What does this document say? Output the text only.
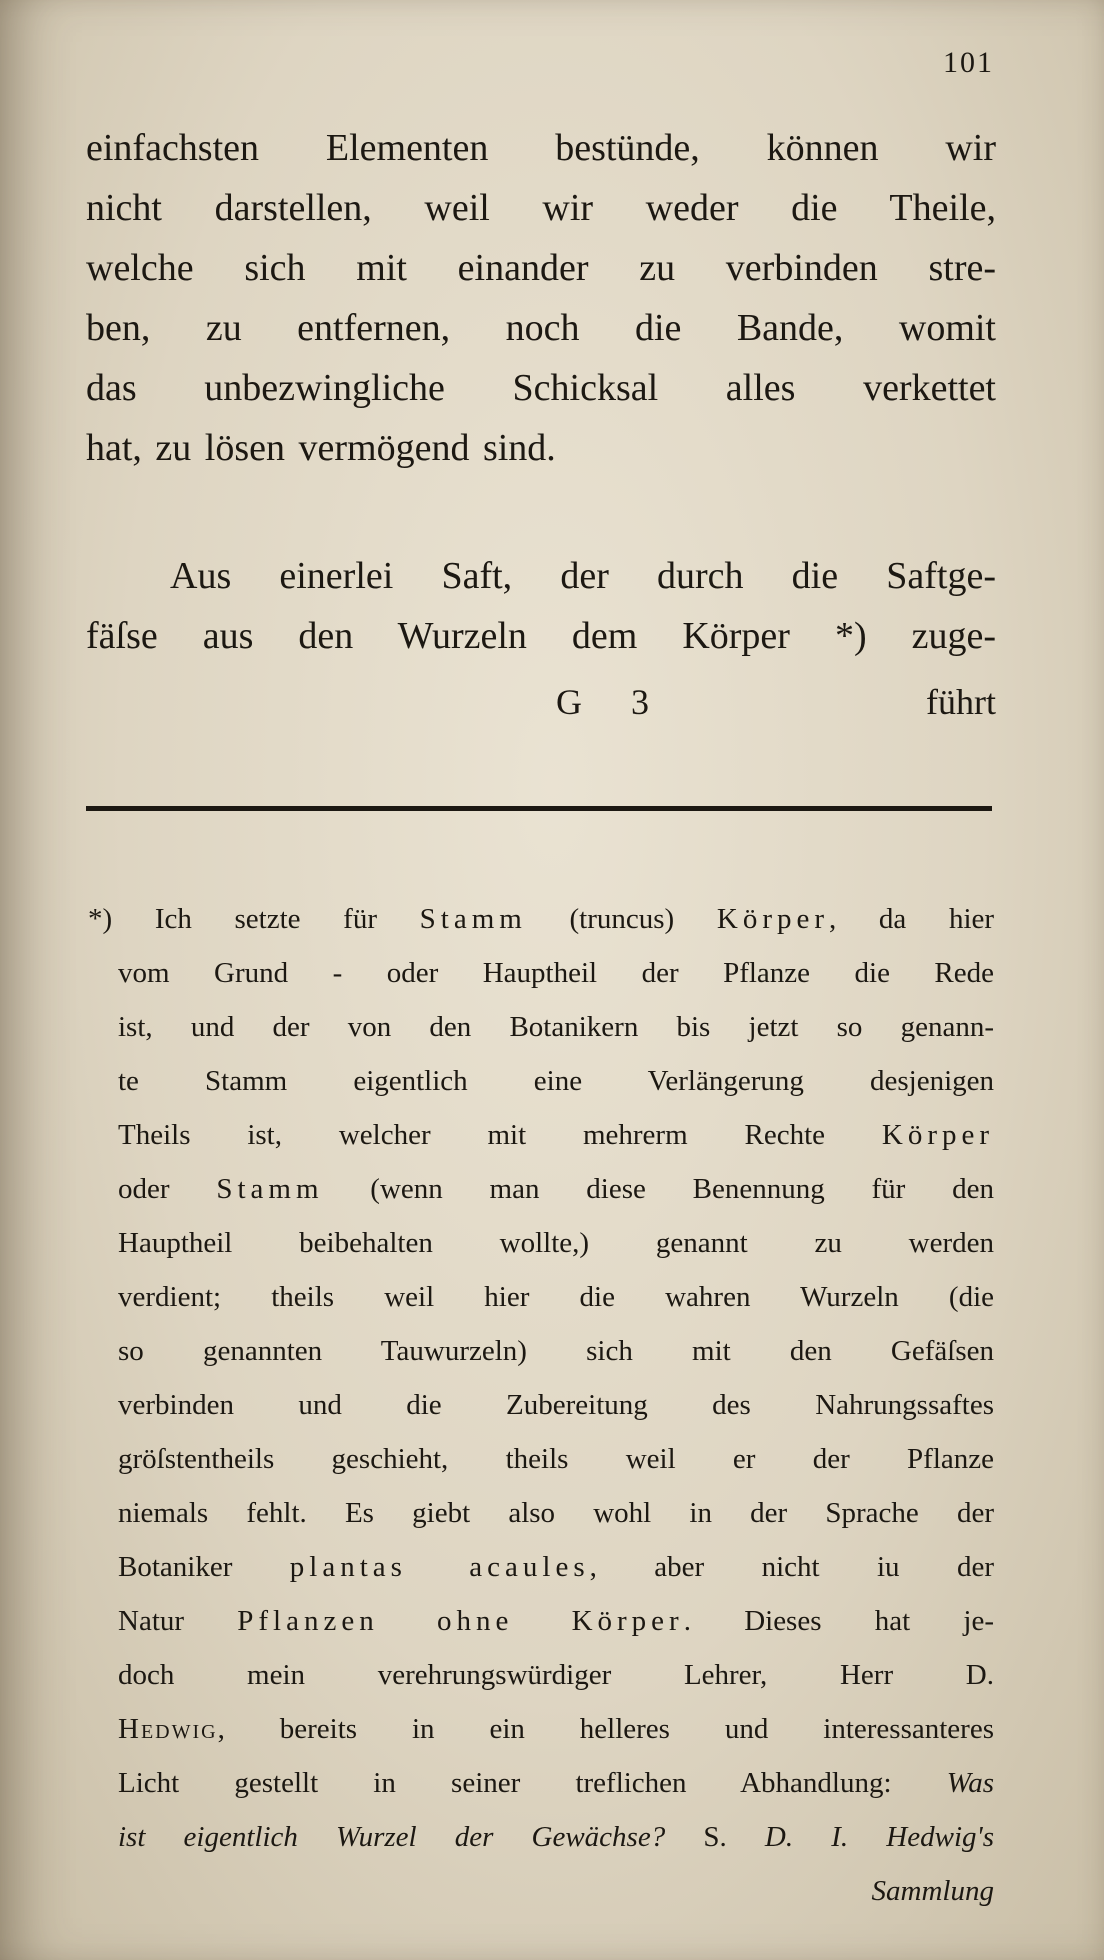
101
einfachsten Elementen bestünde, können wir
nicht darstellen, weil wir weder die Theile,
welche sich mit einander zu verbinden stre-
ben, zu entfernen, noch die Bande, womit
das unbezwingliche Schicksal alles verkettet
hat, zu lösen vermögend sind.
Aus einerlei Saft, der durch die Saftge-
fäſse aus den Wurzeln dem Körper *) zuge-
G 3	führt
*) Ich setzte für Stamm (truncus) Körper, da hier
vom Grund - oder Hauptheil der Pflanze die Rede
ist, und der von den Botanikern bis jetzt so genann-
te Stamm eigentlich eine Verlängerung desjenigen
Theils ist, welcher mit mehrerm Rechte Körper
oder Stamm (wenn man diese Benennung für den
Hauptheil beibehalten wollte,) genannt zu werden
verdient; theils weil hier die wahren Wurzeln (die
so genannten Tauwurzeln) sich mit den Gefäſsen
verbinden und die Zubereitung des Nahrungssaftes
gröſstentheils geschieht, theils weil er der Pflanze
niemals fehlt. Es giebt also wohl in der Sprache der
Botaniker plantas acaules, aber nicht iu der
Natur Pflanzen ohne Körper. Dieses hat je-
doch mein verehrungswürdiger Lehrer, Herr D.
Hedwig, bereits in ein helleres und interessanteres
Licht gestellt in seiner treflichen Abhandlung: Was
ist eigentlich Wurzel der Gewächse? S. D. I. Hedwig's
Sammlung
